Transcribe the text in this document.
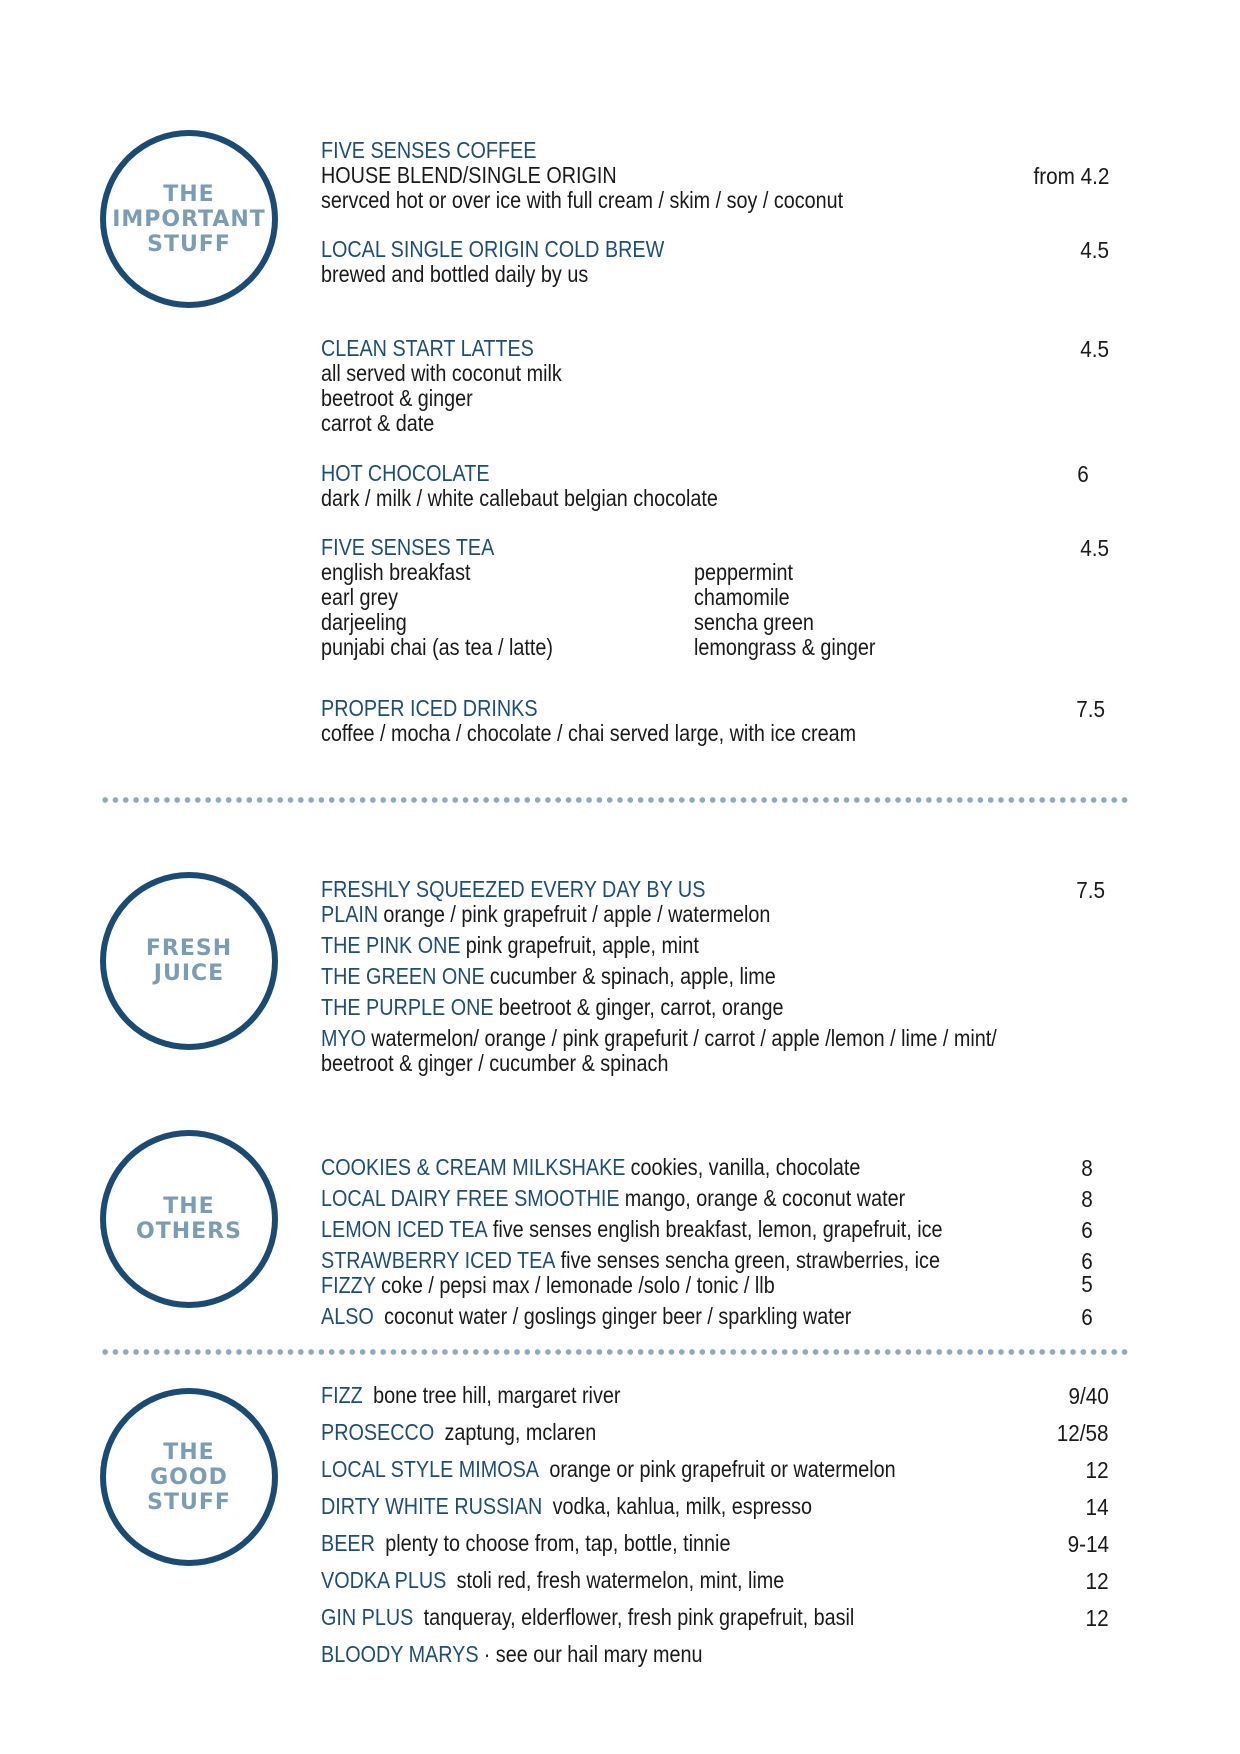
THE
IMPORTANT
STUFF
FIVE SENSES COFFEE
HOUSE BLEND/SINGLE ORIGIN
servced hot or over ice with full cream / skim / soy / coconut
from 4.2
LOCAL SINGLE ORIGIN COLD BREW
brewed and bottled daily by us
4.5
CLEAN START LATTES
all served with coconut milk
beetroot & ginger
carrot & date
4.5
HOT CHOCOLATE
dark / milk / white callebaut belgian chocolate
6
FIVE SENSES TEA	4.5
english breakfast
earl grey
darjeeling
punjabi chai (as tea / latte)
peppermint
chamomile
sencha green
lemongrass & ginger
PROPER ICED DRINKS
coffee / mocha / chocolate / chai served large, with ice cream
7.5
FRESH
JUICE
FRESHLY SQUEEZED EVERY DAY BY US	7.5
PLAIN orange / pink grapefruit / apple / watermelon
THE PINK ONE pink grapefruit, apple, mint
THE GREEN ONE cucumber & spinach, apple, lime
THE PURPLE ONE beetroot & ginger, carrot, orange
MYO watermelon/ orange / pink grapefurit / carrot / apple /lemon / lime / mint/
beetroot & ginger / cucumber & spinach
THE
OTHERS
COOKIES & CREAM MILKSHAKE cookies, vanilla, chocolate	8
LOCAL DAIRY FREE SMOOTHIE mango, orange & coconut water	8
LEMON ICED TEA five senses english breakfast, lemon, grapefruit, ice	6
STRAWBERRY ICED TEA five senses sencha green, strawberries, ice	6
FIZZY coke / pepsi max / lemonade /solo / tonic / llb	5
ALSO coconut water / goslings ginger beer / sparkling water	6
THE
GOOD
STUFF
FIZZ bone tree hill, margaret river	9/40
PROSECCO zaptung, mclaren	12/58
LOCAL STYLE MIMOSA orange or pink grapefruit or watermelon	12
DIRTY WHITE RUSSIAN vodka, kahlua, milk, espresso	14
BEER plenty to choose from, tap, bottle, tinnie	9-14
VODKA PLUS stoli red, fresh watermelon, mint, lime	12
GIN PLUS tanqueray, elderflower, fresh pink grapefruit, basil	12
BLOODY MARYS · see our hail mary menu
